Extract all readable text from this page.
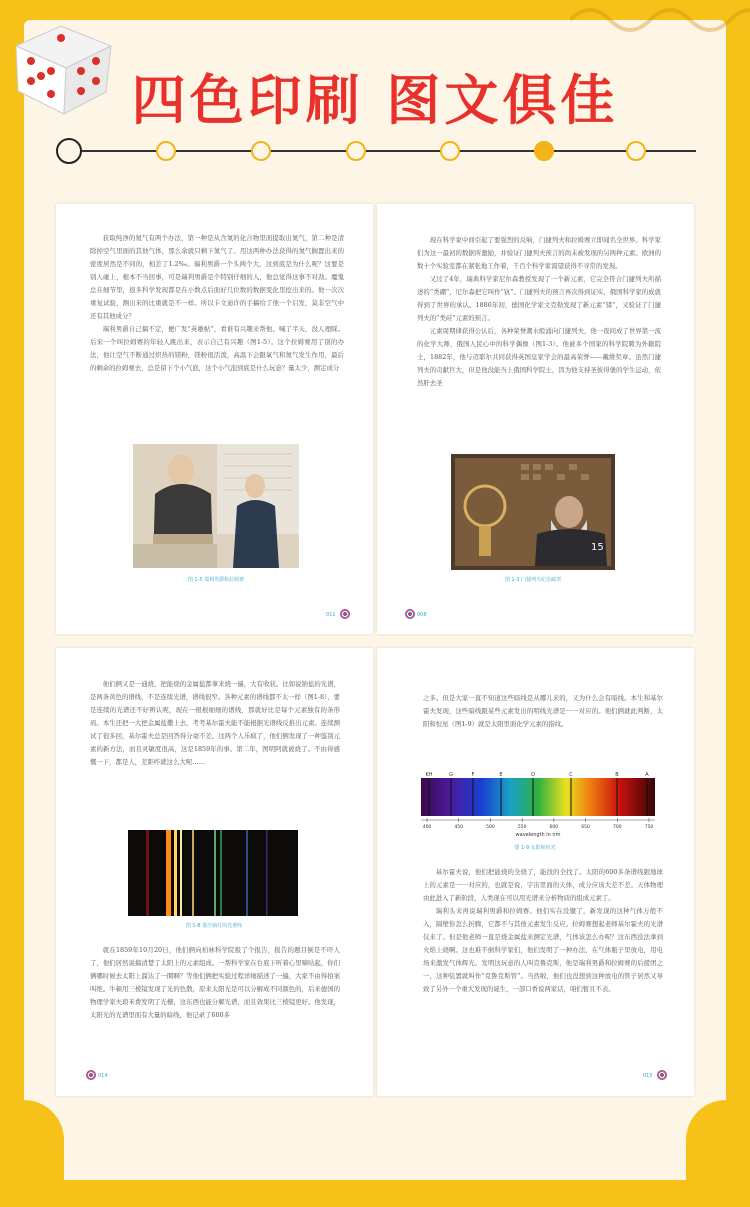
四色印刷 图文俱佳

获取纯净的氮气有两个办法，第一种是从含氮的化合物里面提取出氮气，第二种是清除掉空气里面的其他气体，那么余就只剩下氮气了。用这两种办法获得的氮气搁置出来的密度居然是不同的，相差了1.2‰。瑞利男爵一个头两个大，这到底是为什么呢？这要是别人碰上，根本不当回事，可是瑞利男爵是个特别仔细的人，他总觉得这事不对劲。魔鬼总在细节里，很多科学发现都是在小数点后面好几位数的数据变化里挖出来的。他一次次重复试验，测出来的比重就是不一样。所以卡文迪许的手稿给了他一个启发，莫非空气中还有其他成分？

瑞利男爵自己搞不定，便广发“英雄帖”，看谁有兴趣来帮他。喊了半天，没人理睬。后来一个叫拉姆赛的年轻人跳出来，表示自己有兴趣（图1-5）。这个拉姆赛用了别的办法，他让空气不断通过炽热的镁粉，镁粉很活泼，高温下会跟氧气和氮气发生作用，最后的剩余的拉姆赛去，总是留下个小气泡，这个小气泡到底是什么玩意？量太少，测定成分

图 1-5 瑞利男爵和拉姆赛
011

现在科学家中间引起了要强烈的反响，门捷列夫和拉姆赛立即闻名全世界。科学家们为这一最初的数据所激励，并验证门捷列夫预言的尚未被发现的另两种元素。欧洲的数十个实验室都在紧张地工作着，千百个科学家渴望获得不寻常的发现。

又过了4年，瑞典科学家尼尔森教授发现了一个新元素，它完全符合门捷列夫所描述的“类硼”，尼尔森把它叫作“钪”。门捷列夫的预言再次得到证实，俄国科学家的成就得到了世界的承认。1886年初，德国化学家文克勒发现了新元素“锗”，又验证了门捷列夫的“类硅”元素的预言。

元素周期律获得公认后，各种荣誉潮水般涌向门捷列夫，他一夜间成了世界第一流的化学大师，俄国人民心中的科学偶像（图1-3）。他被多个国家的科学院聘为外籍院士，1882年，他与迈耶尔共同获得英国皇家学会的最高荣誉——戴维奖章。虽然门捷列夫的贡献巨大，但是他没能当上俄国科学院士，因为他支持圣彼得堡的学生运动，依然肝去圣

15
图 1-3 门捷列夫纪念邮票
008

他们俩又是一通烧，把能烧的金属盐都拿来烧一遍，大有收获。比如说钠盐的光谱，是两条黄色的谱线，不是连续光谱，谱线很窄。各种元素的谱线都不太一样（图1-8），要是连续的光谱还不好辨认呢，现在一根根细细的谱线，那就好比是每个元素独有的条形码。本生还把一大把金属盐撒上去，考考基尔霍夫能不能根据光谱线反推出元素。连续测试了很多回，基尔霍夫总是回答得分毫不差。这两个人乐疯了，他们俩发现了一种鉴别元素的新方法，而且灵敏度很高，这是1859年的事。第二年，图明阿就被烧了。不由得感慨一下，都是人，差距咋就这么大呢……

图 1-8 低压钠灯的光谱线

就在1859年10月20日，他们俩向柏林科学院报了个报告，报告的题目倒是不吓人了，他们居然说搞清楚了太阳上的元素组成。一帮科学家在台底下听着心里嘀咕起，你们俩哪时候去太阳上溜达了一圈啊？等他们俩把实验过程详细描述了一遍，大家不由得拍案叫绝。牛顿用三棱镜发现了光的色散，原来太阳光是可以分解成不同颜色的，后来德国的物理学家夫琅禾费发明了光栅，这东西也能分解光谱，而且效果比三棱镜更好。他发现，太阳光的光谱里面有大量的暗线，他记录了600多

014

之多。但是大家一直不知道这些暗线是从哪儿来的，又为什么会有暗线。本生和基尔霍夫发现，这些暗线跟某些元素发出的明线光谱是一一对应的。他们俩就此判断，太阳和恒星（图1-9）就是太阳里面化学元素的指纹。

KH	G	F	E	D	C	B	A
400	450	500	550	600	650	700	750
wavelength in nm
图 1-9 太阳和恒光

基尔霍夫说，他们把能烧的全烧了，能找的全找了。太阳的600多条谱线跟地球上的元素是一一对应的，也就是说，宇宙里面的天体，成分应该大差不差。天体物理由此进入了新阶段，人类现在可以用光谱来分析物质的组成元素了。

瑞利头来再说瑞利男爵和拉姆赛。他们实在没辙了，新发现的这种气体万般不入，隔壁你怎么折腾，它都不与其他元素发生反应。拉姆赛想起老师基尔霍夫的光谱仪来了。但是他老师一直是烧金属盐来测定光谱，气体该怎么办呢？这东西没法拿到火焰上烧啊。这也难不倒科学家们，他们发明了一种办法，在气体瓶子里放电，用电场来激发气体辉光。发明这玩意的人叫克鲁克斯，他是瑞利男爵和拉姆赛的后援团之一，这种装置就叫作“克鲁克斯管”。当然啦，他们也没想到这种放电的管子居然又导致了另外一个重大发现的诞生，一部口香说两家话，咱们暂且不表。

015
